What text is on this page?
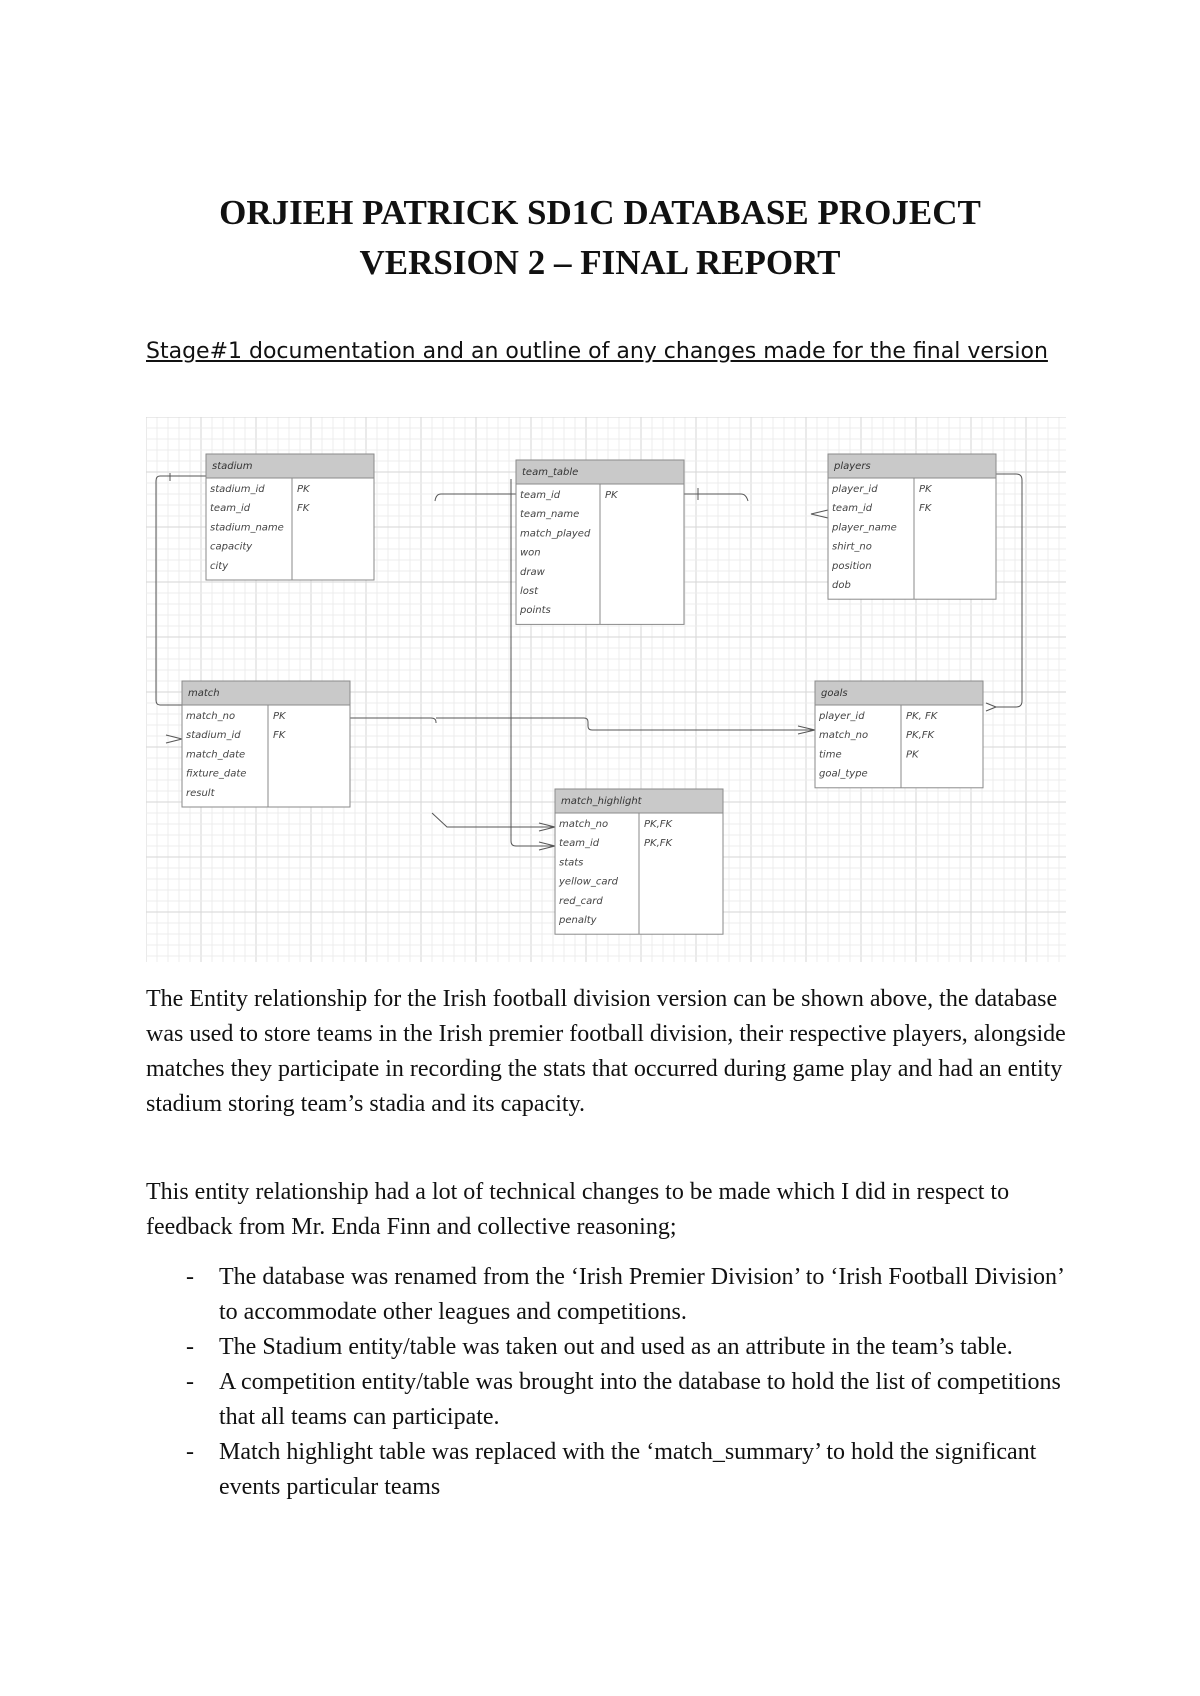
ORJIEH PATRICK SD1C DATABASE PROJECT
VERSION 2 – FINAL REPORT

Stage#1 documentation and an outline of any changes made for the final version

stadium
stadium_id	PK
team_id	FK
stadium_name
capacity
city
team_table
team_id	PK
team_name
match_played
won
draw
lost
points
players
player_id	PK
team_id	FK
player_name
shirt_no
position
dob
match
match_no	PK
stadium_id	FK
match_date
fixture_date
result
goals
player_id	PK, FK
match_no	PK,FK
time	PK
goal_type
match_highlight
match_no	PK,FK
team_id	PK,FK
stats
yellow_card
red_card
penalty

The Entity relationship for the Irish football division version can be shown above, the database was used to store teams in the Irish premier football division, their respective players, alongside matches they participate in recording the stats that occurred during game play and had an entity stadium storing team’s stadia and its capacity.

This entity relationship had a lot of technical changes to be made which I did in respect to feedback from Mr. Enda Finn and collective reasoning;

- The database was renamed from the ‘Irish Premier Division’ to ‘Irish Football Division’ to accommodate other leagues and competitions.
- The Stadium entity/table was taken out and used as an attribute in the team’s table.
- A competition entity/table was brought into the database to hold the list of competitions that all teams can participate.
- Match highlight table was replaced with the ‘match_summary’ to hold the significant events particular teams
